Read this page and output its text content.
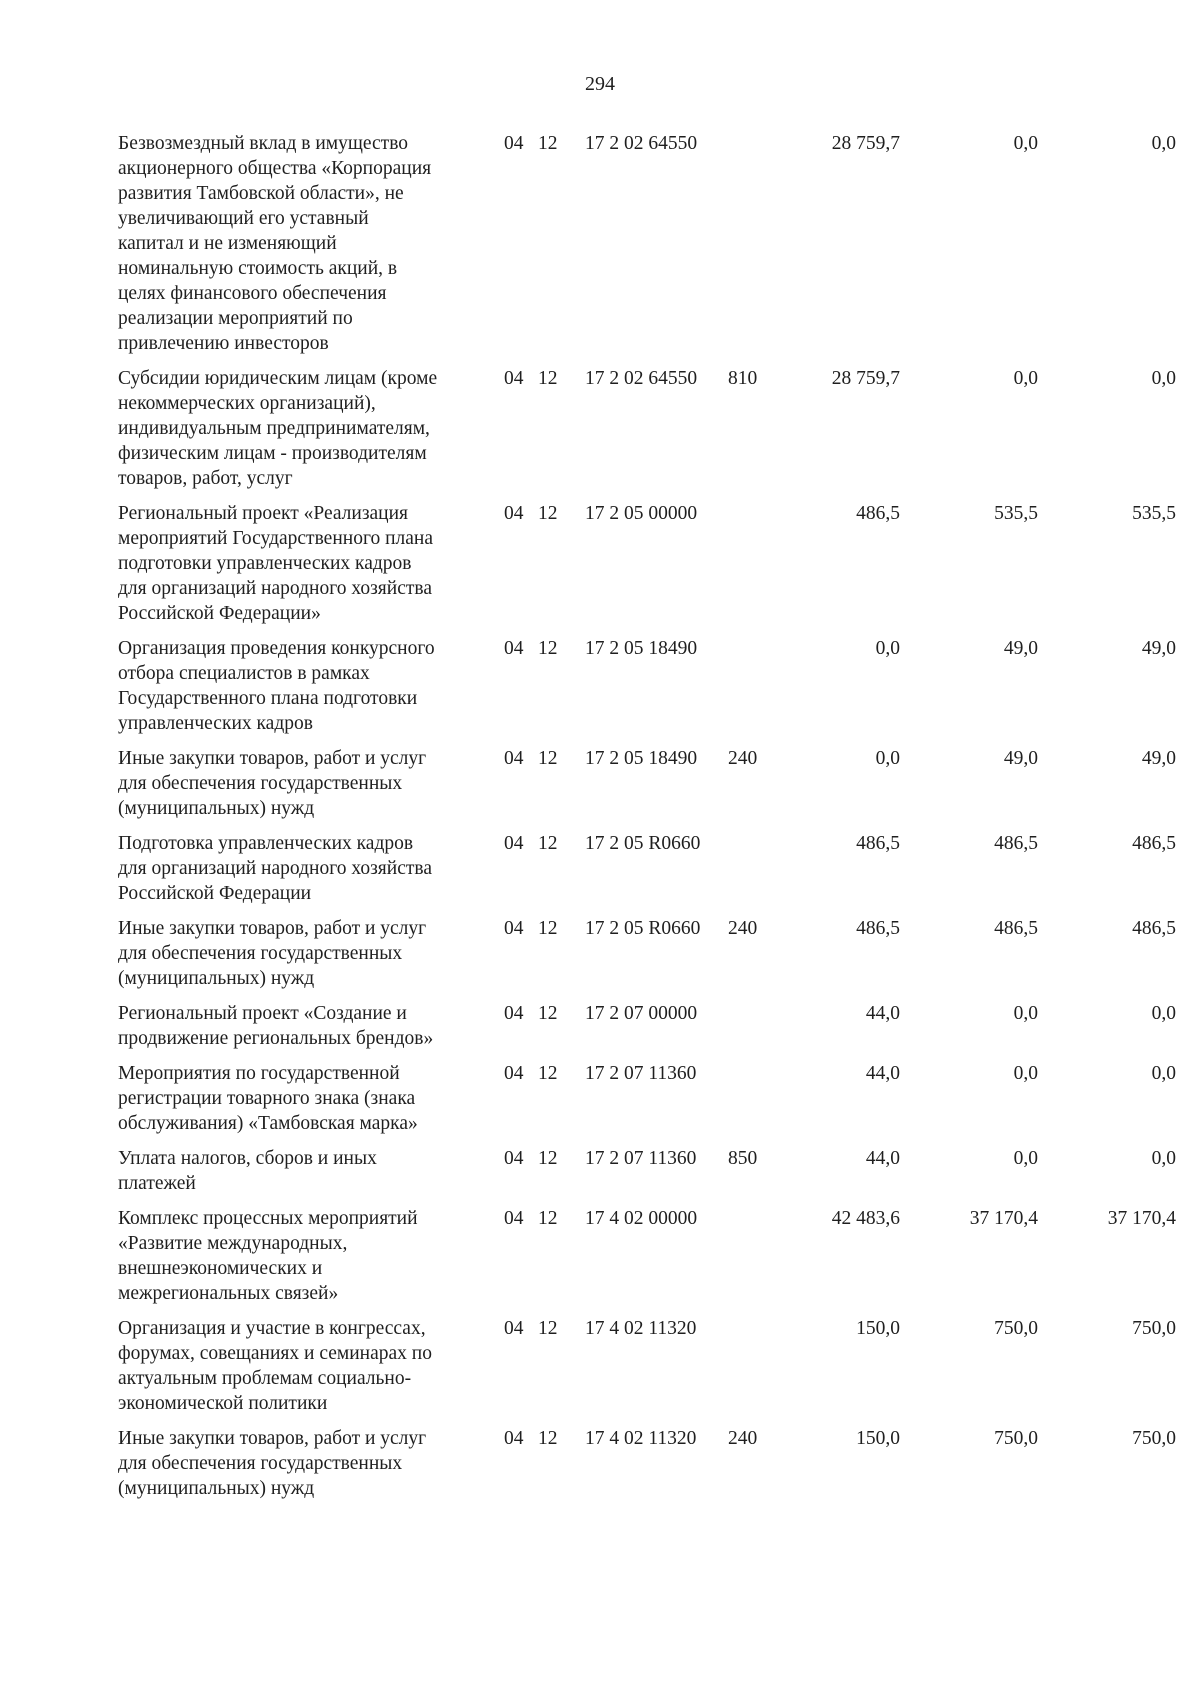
294
Безвозмездный вклад в имущество
акционерного общества «Корпорация
развития Тамбовской области», не
увеличивающий его уставный
капитал и не изменяющий
номинальную стоимость акций, в
целях финансового обеспечения
реализации мероприятий по
привлечению инвесторов
04 12 17 2 02 64550	28 759,7	0,0	0,0
Субсидии юридическим лицам (кроме
некоммерческих организаций),
индивидуальным предпринимателям,
физическим лицам - производителям
товаров, работ, услуг
04 12 17 2 02 64550 810	28 759,7	0,0	0,0
Региональный проект «Реализация
мероприятий Государственного плана
подготовки управленческих кадров
для организаций народного хозяйства
Российской Федерации»
04 12 17 2 05 00000	486,5	535,5	535,5
Организация проведения конкурсного
отбора специалистов в рамках
Государственного плана подготовки
управленческих кадров
04 12 17 2 05 18490	0,0	49,0	49,0
Иные закупки товаров, работ и услуг
для обеспечения государственных
(муниципальных) нужд
04 12 17 2 05 18490 240	0,0	49,0	49,0
Подготовка управленческих кадров
для организаций народного хозяйства
Российской Федерации
04 12 17 2 05 R0660	486,5	486,5	486,5
Иные закупки товаров, работ и услуг
для обеспечения государственных
(муниципальных) нужд
04 12 17 2 05 R0660 240	486,5	486,5	486,5
Региональный проект «Создание и
продвижение региональных брендов»
04 12 17 2 07 00000	44,0	0,0	0,0
Мероприятия по государственной
регистрации товарного знака (знака
обслуживания) «Тамбовская марка»
04 12 17 2 07 11360	44,0	0,0	0,0
Уплата налогов, сборов и иных
платежей
04 12 17 2 07 11360 850	44,0	0,0	0,0
Комплекс процессных мероприятий
«Развитие международных,
внешнеэкономических и
межрегиональных связей»
04 12 17 4 02 00000	42 483,6	37 170,4	37 170,4
Организация и участие в конгрессах,
форумах, совещаниях и семинарах по
актуальным проблемам социально-
экономической политики
04 12 17 4 02 11320	150,0	750,0	750,0
Иные закупки товаров, работ и услуг
для обеспечения государственных
(муниципальных) нужд
04 12 17 4 02 11320 240	150,0	750,0	750,0
